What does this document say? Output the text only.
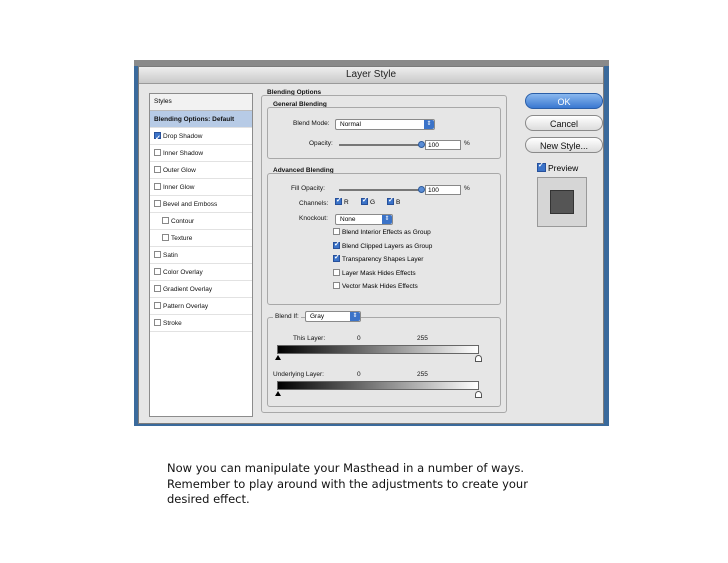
Layer Style
Styles
Blending Options: Default
✓Drop Shadow
Inner Shadow
Outer Glow
Inner Glow
Bevel and Emboss
Contour
Texture
Satin
Color Overlay
Gradient Overlay
Pattern Overlay
Stroke
Blending Options
General Blending
Blend Mode:	Normal	⇕
Opacity:	100	%
Advanced Blending
Fill Opacity:	100	%
Channels: ✓	R ✓	G ✓	B
Knockout:	None	⇕
Blend Interior Effects as Group
✓Blend Clipped Layers as Group
✓Transparency Shapes Layer
Layer Mask Hides Effects
Vector Mask Hides Effects
Blend If:	Gray	⇕
This Layer:	0	255
Underlying Layer:	0	255
OK
Cancel
New Style...
✓Preview
Now you can manipulate your Masthead in a number of ways.
Remember to play around with the adjustments to create your
desired effect.
